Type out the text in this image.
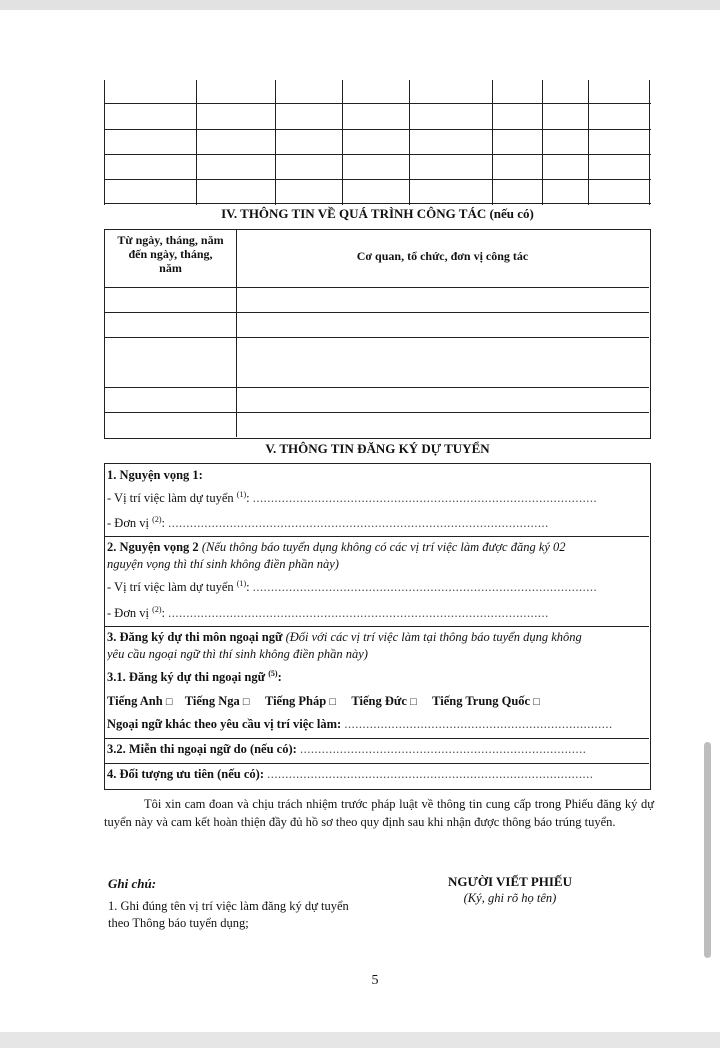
IV. THÔNG TIN VỀ QUÁ TRÌNH CÔNG TÁC (nếu có)
Từ ngày, tháng, năm
đến ngày, tháng,
năm
Cơ quan, tổ chức, đơn vị công tác
V. THÔNG TIN ĐĂNG KÝ DỰ TUYỂN
1. Nguyện vọng 1:
- Vị trí việc làm dự tuyển $^{(1)}$: ...............................................................................................
- Đơn vị $^{(2)}$: .........................................................................................................
2. Nguyện vọng 2 (Nếu thông báo tuyển dụng không có các vị trí việc làm được đăng ký 02
nguyện vọng thì thí sinh không điền phần này)
- Vị trí việc làm dự tuyển $^{(1)}$: ...............................................................................................
- Đơn vị $^{(2)}$: .........................................................................................................
3. Đăng ký dự thi môn ngoại ngữ (Đối với các vị trí việc làm tại thông báo tuyển dụng không
yêu cầu ngoại ngữ thì thí sinh không điền phần này)
3.1. Đăng ký dự thi ngoại ngữ $^{(5)}$:
Tiếng Anh □ Tiếng Nga □ Tiếng Pháp □ Tiếng Đức □ Tiếng Trung Quốc □
Ngoại ngữ khác theo yêu cầu vị trí việc làm: ..........................................................................
3.2. Miễn thi ngoại ngữ do (nếu có): ...............................................................................
4. Đối tượng ưu tiên (nếu có): ..........................................................................................
Tôi xin cam đoan và chịu trách nhiệm trước pháp luật về thông tin cung cấp trong Phiếu đăng ký dự tuyển này và cam kết hoàn thiện đầy đủ hồ sơ theo quy định sau khi nhận được thông báo trúng tuyển.
Ghi chú:
1. Ghi đúng tên vị trí việc làm đăng ký dự tuyển theo Thông báo tuyển dụng;
NGƯỜI VIẾT PHIẾU
(Ký, ghi rõ họ tên)
5
